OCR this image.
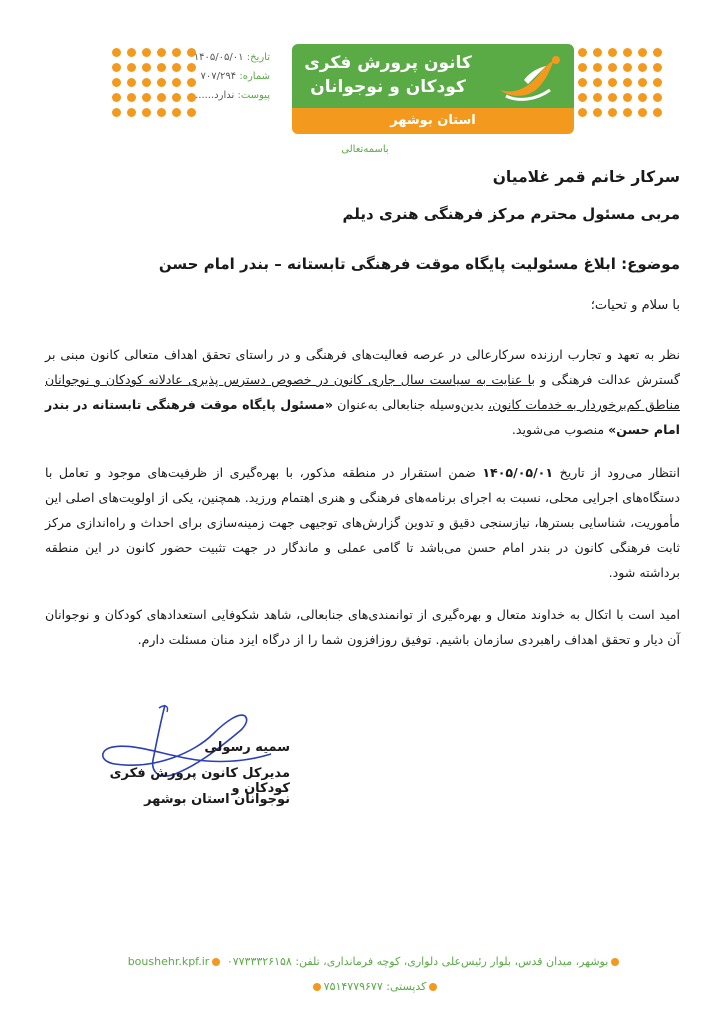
تاریخ: ۱۴۰۵/۰۵/۰۱
شماره: ۷۰۷/۲۹۴
پیوست: ندارد......
کانون پرورش فکری
کودکان و نوجوانان
استان بوشهر
باسمه‌تعالی
سرکار خانم قمر غلامیان
مربی مسئول محترم مرکز فرهنگی هنری دیلم
موضوع: ابلاغ مسئولیت پایگاه موقت فرهنگی تابستانه – بندر امام حسن
با سلام و تحیات؛
نظر به تعهد و تجارب ارزنده سرکارعالی در عرصه فعالیت‌های فرهنگی و در راستای تحقق اهداف متعالی کانون مبنی بر گسترش عدالت فرهنگی و با عنایت به سیاست سال جاری کانون در خصوص دسترس پذیری عادلانه کودکان و نوجوانان مناطق کم‌برخوردار به خدمات کانون، بدین‌وسیله جنابعالی به‌عنوان «مسئول پایگاه موقت فرهنگی تابستانه در بندر امام حسن» منصوب می‌شوید.
انتظار می‌رود از تاریخ ۱۴۰۵/۰۵/۰۱ ضمن استقرار در منطقه مذکور، با بهره‌گیری از ظرفیت‌های موجود و تعامل با دستگاه‌های اجرایی محلی، نسبت به اجرای برنامه‌های فرهنگی و هنری اهتمام ورزید. همچنین، یکی از اولویت‌های اصلی این مأموریت، شناسایی بسترها، نیازسنجی دقیق و تدوین گزارش‌های توجیهی جهت زمینه‌سازی برای احداث و راه‌اندازی مرکز ثابت فرهنگی کانون در بندر امام حسن می‌باشد تا گامی عملی و ماندگار در جهت تثبیت حضور کانون در این منطقه برداشته شود.
امید است با اتکال به خداوند متعال و بهره‌گیری از توانمندی‌های جنابعالی، شاهد شکوفایی استعدادهای کودکان و نوجوانان آن دیار و تحقق اهداف راهبردی سازمان باشیم. توفیق روزافزون شما را از درگاه ایزد منان مسئلت دارم.
سمیه رسولی
مدیرکل کانون پرورش فکری کودکان و
نوجوانان استان بوشهر
بوشهر، میدان قدس، بلوار رئیس‌علی دلواری، کوچه فرمانداری، تلفن: ۰۷۷۳۳۳۲۶۱۵۸ boushehr.kpf.ir
کدپستی: ۷۵۱۴۷۷۹۶۷۷
